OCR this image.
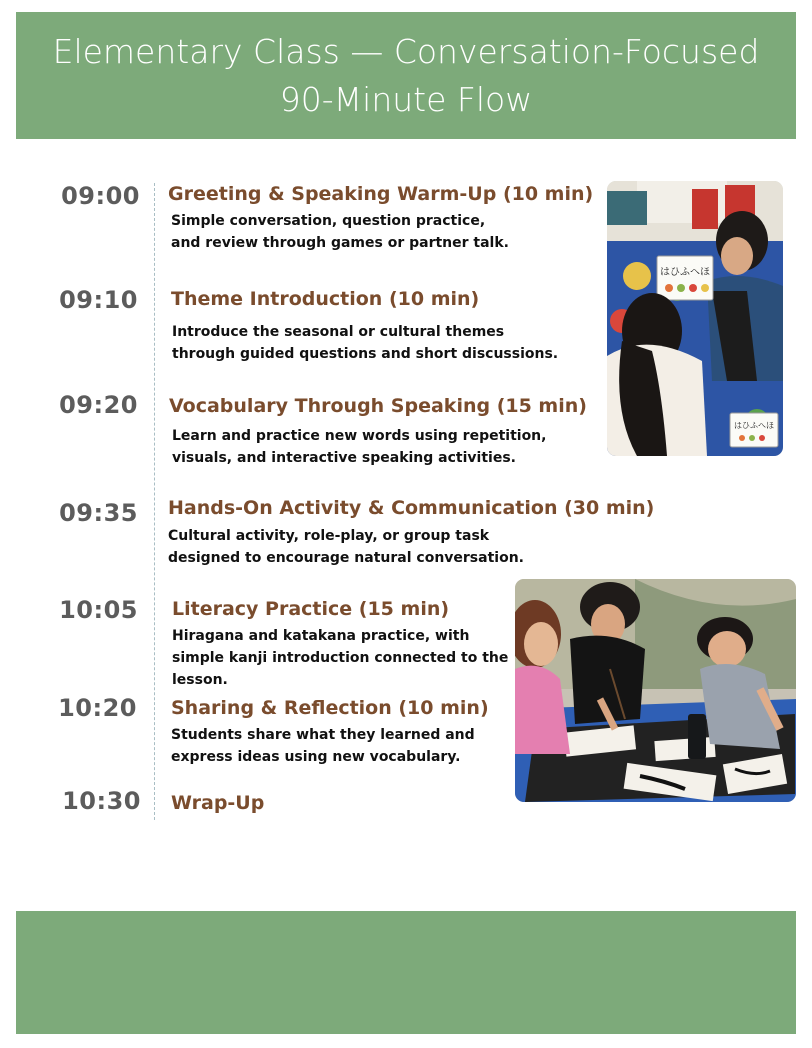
Elementary Class — Conversation-Focused
90-Minute Flow
09:00 Greeting & Speaking Warm-Up (10 min)
Simple conversation, question practice,
and review through games or partner talk.
09:10 Theme Introduction (10 min)
Introduce the seasonal or cultural themes
through guided questions and short discussions.
09:20 Vocabulary Through Speaking (15 min)
Learn and practice new words using repetition,
visuals, and interactive speaking activities.
09:35 Hands-On Activity & Communication (30 min)
Cultural activity, role-play, or group task
designed to encourage natural conversation.
10:05 Literacy Practice (15 min)
Hiragana and katakana practice, with
simple kanji introduction connected to the
lesson.
10:20 Sharing & Reflection (10 min)
Students share what they learned and
express ideas using new vocabulary.
10:30 Wrap-Up
はひふへほ
はひふへほ
